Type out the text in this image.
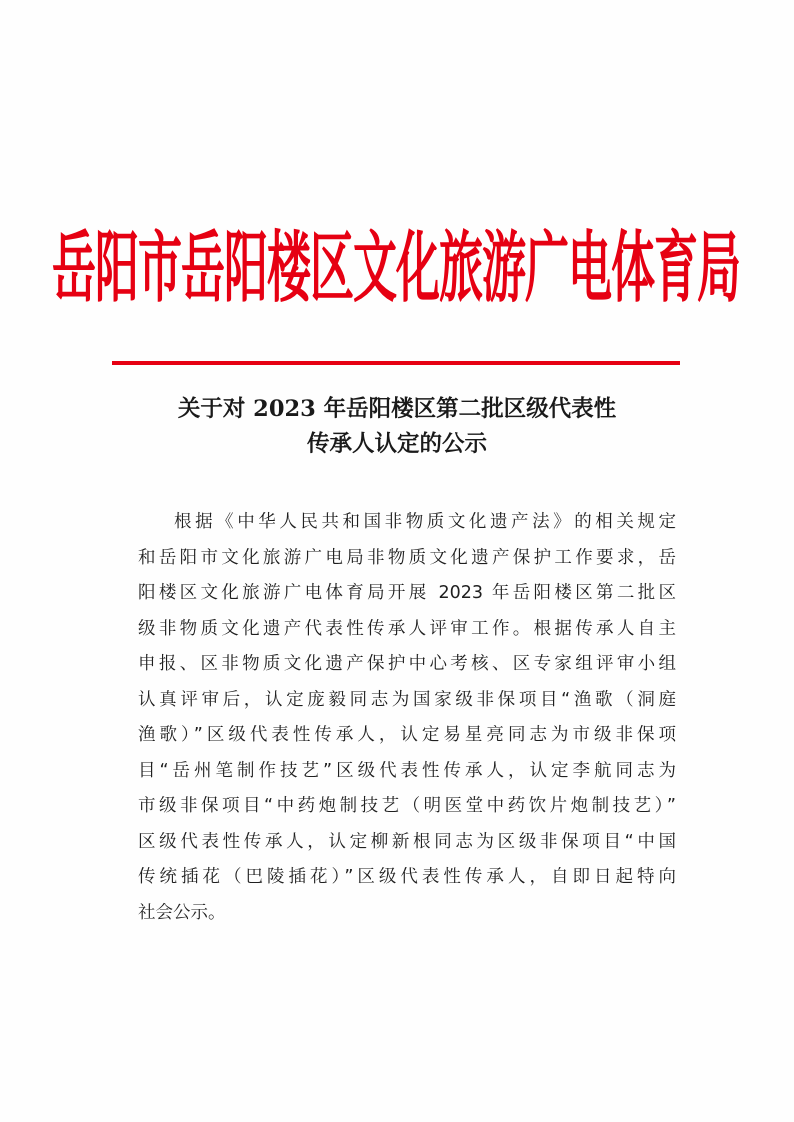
岳阳市岳阳楼区文化旅游广电体育局
关于对 2023 年岳阳楼区第二批区级代表性
传承人认定的公示
根据《中华人民共和国非物质文化遗产法》的相关规定
和岳阳市文化旅游广电局非物质文化遗产保护工作要求，岳
阳楼区文化旅游广电体育局开展 2023 年岳阳楼区第二批区
级非物质文化遗产代表性传承人评审工作。根据传承人自主
申报、区非物质文化遗产保护中心考核、区专家组评审小组
认真评审后，认定庞毅同志为国家级非保项目“渔歌（洞庭
渔歌）”区级代表性传承人，认定易星亮同志为市级非保项
目“岳州笔制作技艺”区级代表性传承人，认定李航同志为
市级非保项目“中药炮制技艺（明医堂中药饮片炮制技艺）”
区级代表性传承人，认定柳新根同志为区级非保项目“中国
传统插花（巴陵插花）”区级代表性传承人，自即日起特向
社会公示。
